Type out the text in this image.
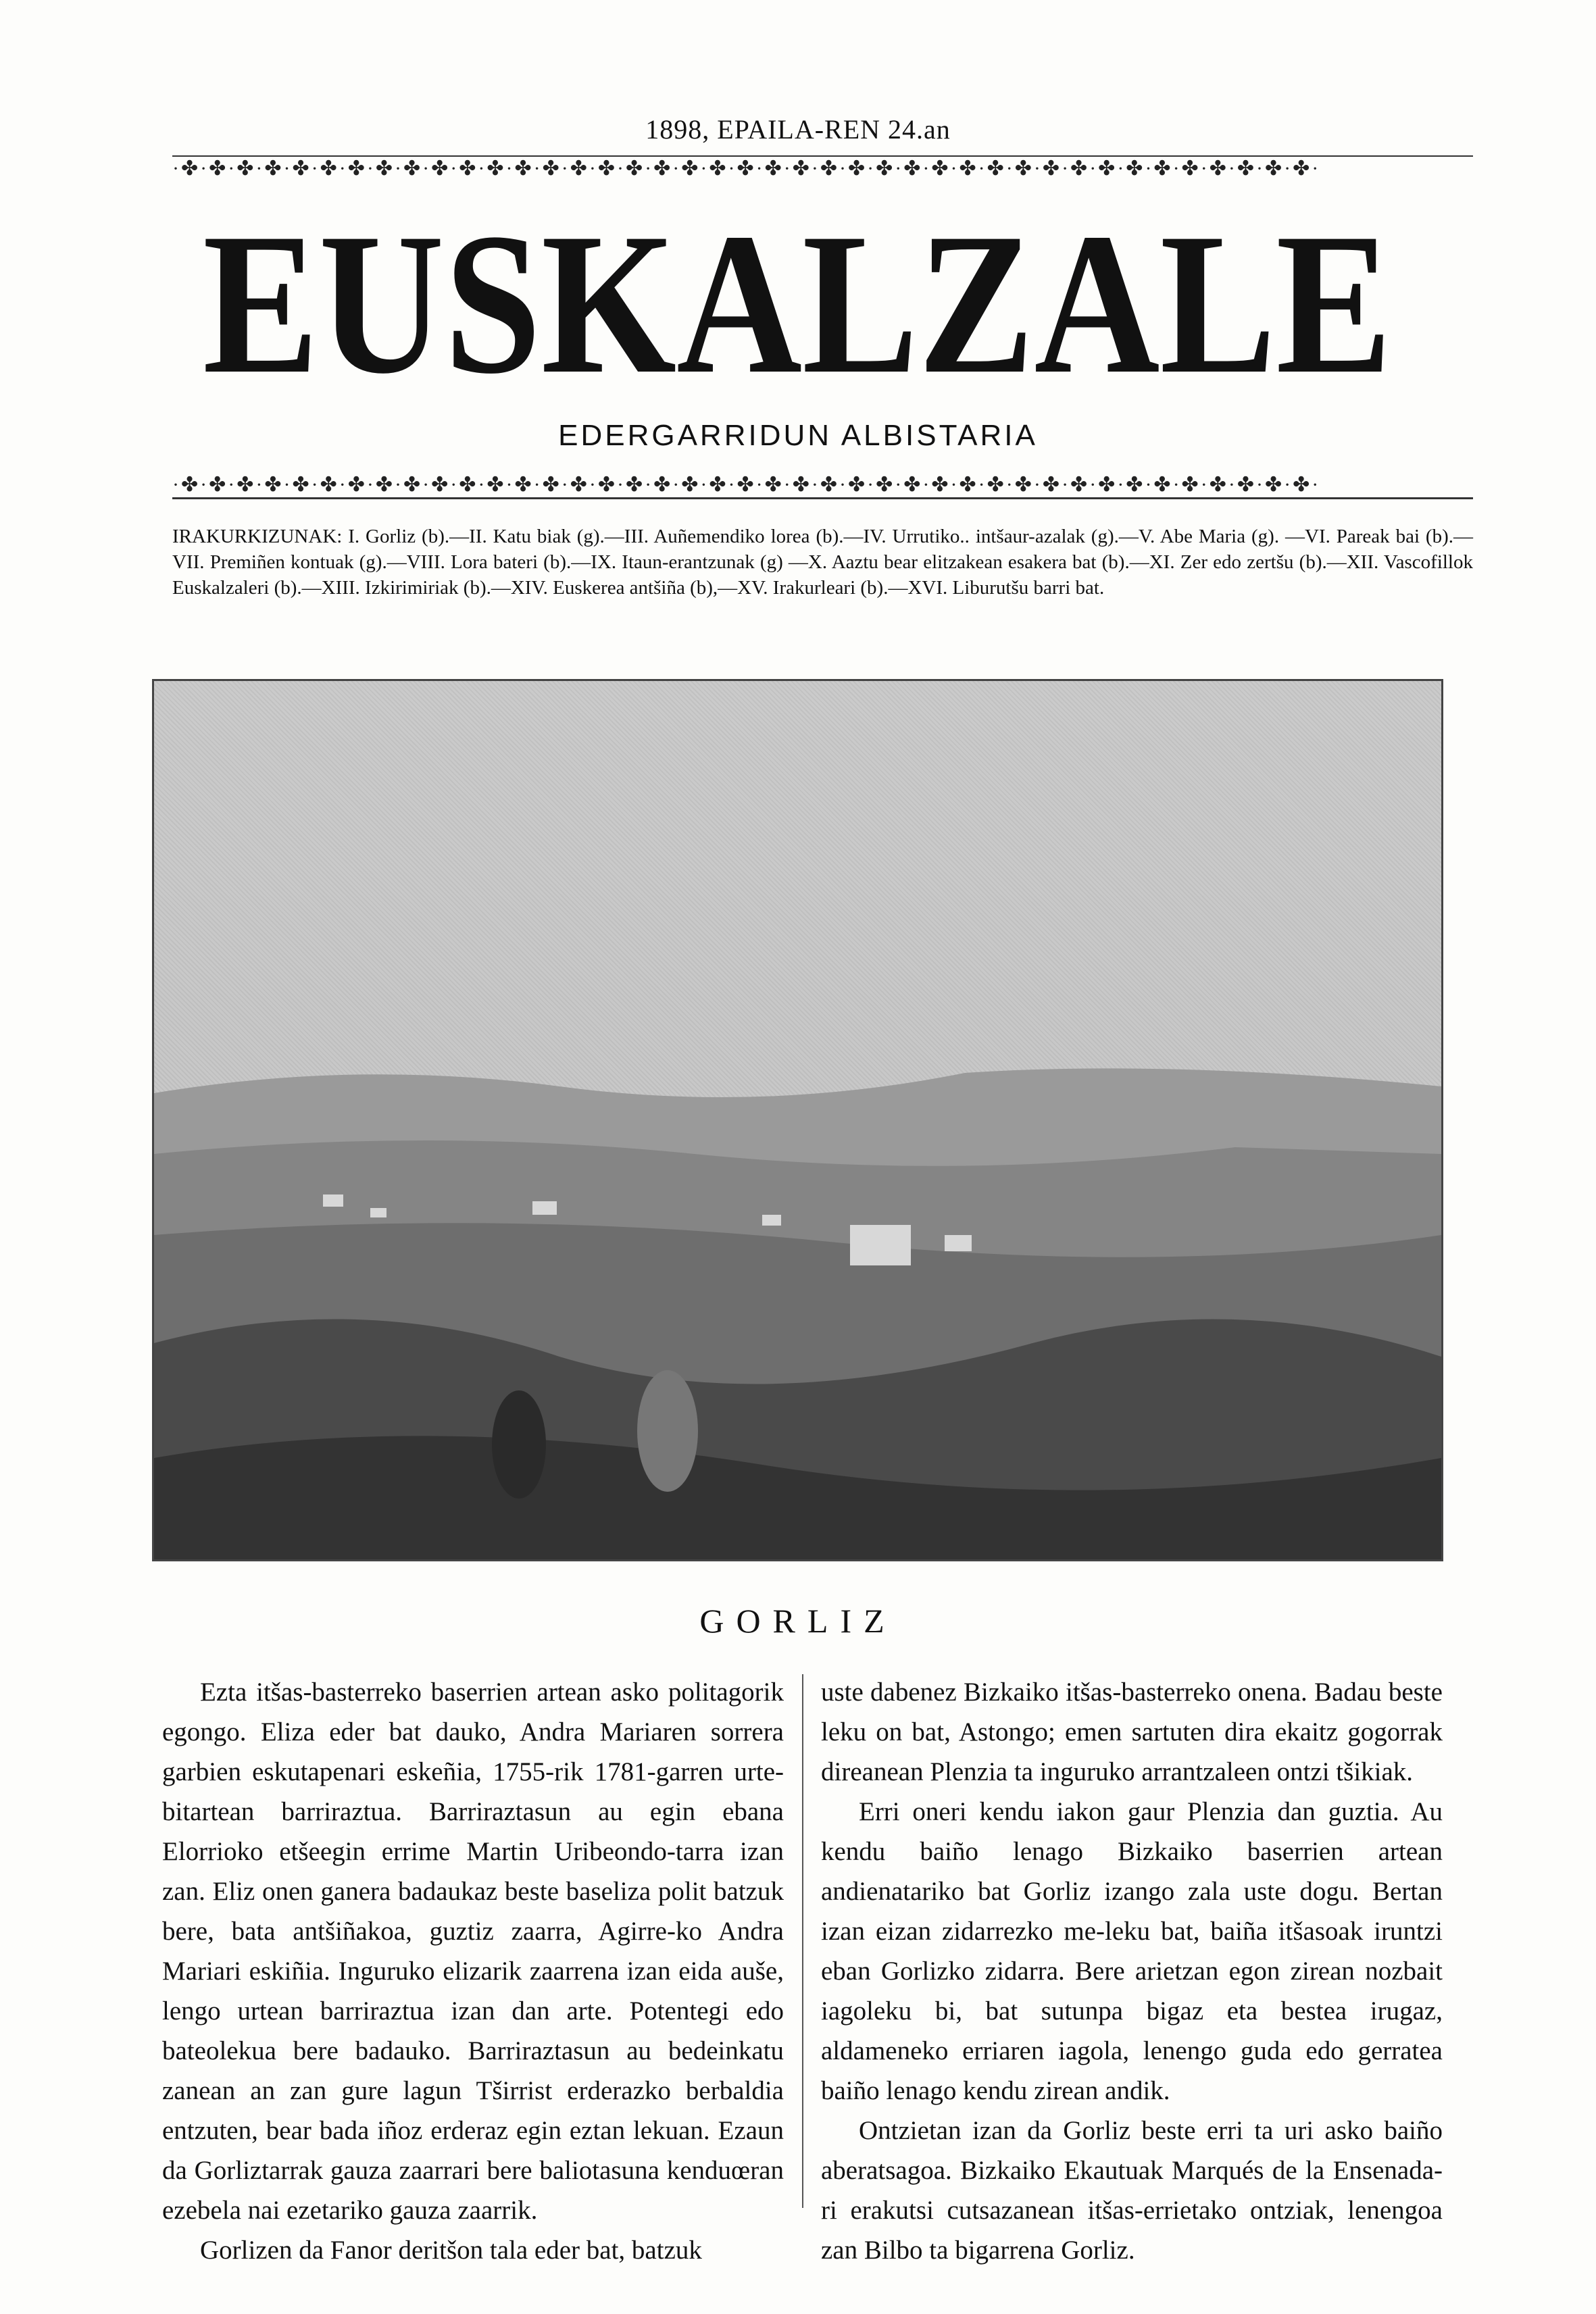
1898, EPAILA-REN 24.an
·✤·✤·✤·✤·✤·✤·✤·✤·✤·✤·✤·✤·✤·✤·✤·✤·✤·✤·✤·✤·✤·✤·✤·✤·✤·✤·✤·✤·✤·✤·✤·✤·✤·✤·✤·✤·✤·✤·✤·✤·✤·
EUSKALZALE
EDERGARRIDUN ALBISTARIA
·✤·✤·✤·✤·✤·✤·✤·✤·✤·✤·✤·✤·✤·✤·✤·✤·✤·✤·✤·✤·✤·✤·✤·✤·✤·✤·✤·✤·✤·✤·✤·✤·✤·✤·✤·✤·✤·✤·✤·✤·✤·
IRAKURKIZUNAK: I. Gorliz (b).—II. Katu biak (g).—III. Auñemendiko lorea (b).—IV. Urrutiko.. intšaur-azalak (g).—V. Abe Maria (g). —VI. Pareak bai (b).—VII. Premiñen kontuak (g).—VIII. Lora bateri (b).—IX. Itaun-erantzunak (g) —X. Aaztu bear elitzakean esakera bat (b).—XI. Zer edo zertšu (b).—XII. Vascofillok Euskalzaleri (b).—XIII. Izkirimiriak (b).—XIV. Euskerea antšiña (b),—XV. Irakurleari (b).—XVI. Liburutšu barri bat.
GORLIZ

Ezta itšas-basterreko baserrien artean asko politagorik egongo. Eliza eder bat dauko, Andra Mariaren sorrera garbien eskutapenari eskeñia, 1755-rik 1781-garren urte-bitartean barriraztua. Barriraztasun au egin ebana Elorrioko etšeegin errime Martin Uribeondo-tarra izan zan. Eliz onen ganera badaukaz beste baseliza polit batzuk bere, bata antšiñakoa, guztiz zaarra, Agirre-ko Andra Mariari eskiñia. Inguruko elizarik zaarrena izan eida auše, lengo urtean barriraztua izan dan arte. Potentegi edo bateolekua bere badauko. Barriraztasun au bedeinkatu zanean an zan gure lagun Tširrist erderazko berbaldia entzuten, bear bada iñoz erderaz egin eztan lekuan. Ezaun da Gorliztarrak gauza zaarrari bere baliotasuna kenduœran ezebela nai ezetariko gauza zaarrik.

Gorlizen da Fanor deritšon tala eder bat, batzuk

uste dabenez Bizkaiko itšas-basterreko onena. Badau beste leku on bat, Astongo; emen sartuten dira ekaitz gogorrak direanean Plenzia ta inguruko arrantzaleen ontzi tšikiak.

Erri oneri kendu iakon gaur Plenzia dan guztia. Au kendu baiño lenago Bizkaiko baserrien artean andienatariko bat Gorliz izango zala uste dogu. Bertan izan eizan zidarrezko me-leku bat, baiña itšasoak iruntzi eban Gorlizko zidarra. Bere arietzan egon zirean nozbait iagoleku bi, bat sutunpa bigaz eta bestea irugaz, aldameneko erriaren iagola, lenengo guda edo gerratea baiño lenago kendu zirean andik.

Ontzietan izan da Gorliz beste erri ta uri asko baiño aberatsagoa. Bizkaiko Ekautuak Marqués de la Ensenada-ri erakutsi cutsazanean itšas-errietako ontziak, lenengoa zan Bilbo ta bigarrena Gorliz.
